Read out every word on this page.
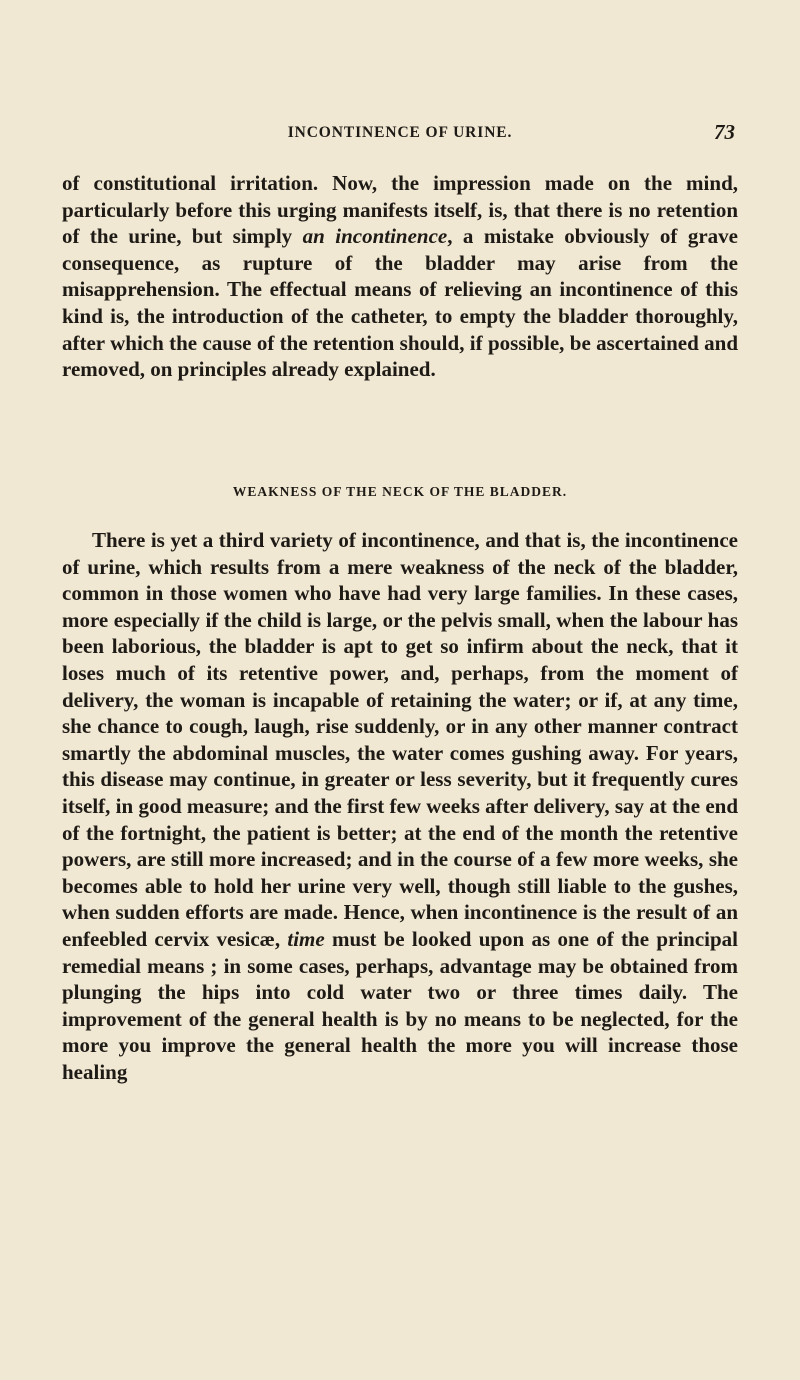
INCONTINENCE OF URINE.	73

of constitutional irritation. Now, the impression made on the mind, particularly before this urging manifests itself, is, that there is no retention of the urine, but simply an incontinence, a mistake obviously of grave consequence, as rupture of the bladder may arise from the misapprehension. The effectual means of relieving an incontinence of this kind is, the introduction of the catheter, to empty the bladder thoroughly, after which the cause of the retention should, if possible, be ascertained and removed, on principles already explained.

WEAKNESS OF THE NECK OF THE BLADDER.

There is yet a third variety of incontinence, and that is, the incontinence of urine, which results from a mere weakness of the neck of the bladder, common in those women who have had very large families. In these cases, more especially if the child is large, or the pelvis small, when the labour has been laborious, the bladder is apt to get so infirm about the neck, that it loses much of its retentive power, and, perhaps, from the moment of delivery, the woman is incapable of retaining the water; or if, at any time, she chance to cough, laugh, rise suddenly, or in any other manner contract smartly the abdominal muscles, the water comes gushing away. For years, this disease may continue, in greater or less severity, but it frequently cures itself, in good measure; and the first few weeks after delivery, say at the end of the fortnight, the patient is better; at the end of the month the retentive powers, are still more increased; and in the course of a few more weeks, she becomes able to hold her urine very well, though still liable to the gushes, when sudden efforts are made. Hence, when incontinence is the result of an enfeebled cervix vesicæ, time must be looked upon as one of the principal remedial means ; in some cases, perhaps, advantage may be obtained from plunging the hips into cold water two or three times daily. The improvement of the general health is by no means to be neglected, for the more you improve the general health the more you will increase those healing
